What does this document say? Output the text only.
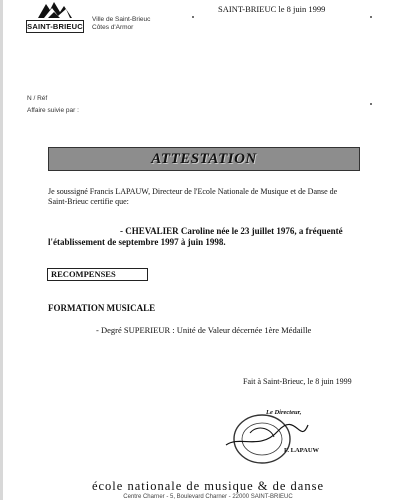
SAINT-BRIEUC
Ville de Saint-Brieuc
Côtes d'Armor
SAINT-BRIEUC le 8 juin 1999
N / Réf
Affaire suivie par :
ATTESTATION
Je soussigné Francis LAPAUW, Directeur de l'Ecole Nationale de Musique et de Danse de
Saint-Brieuc certifie que:
- CHEVALIER Caroline née le 23 juillet 1976, a fréquenté
l'établissement de septembre 1997 à juin 1998.
RECOMPENSES
FORMATION MUSICALE
- Degré SUPERIEUR : Unité de Valeur décernée 1ère Médaille
Fait à Saint-Brieuc, le 8 juin 1999
Le Directeur,
F. LAPAUW
école nationale de musique & de danse
Centre Charner - 5, Boulevard Charner - 22000 SAINT-BRIEUC
